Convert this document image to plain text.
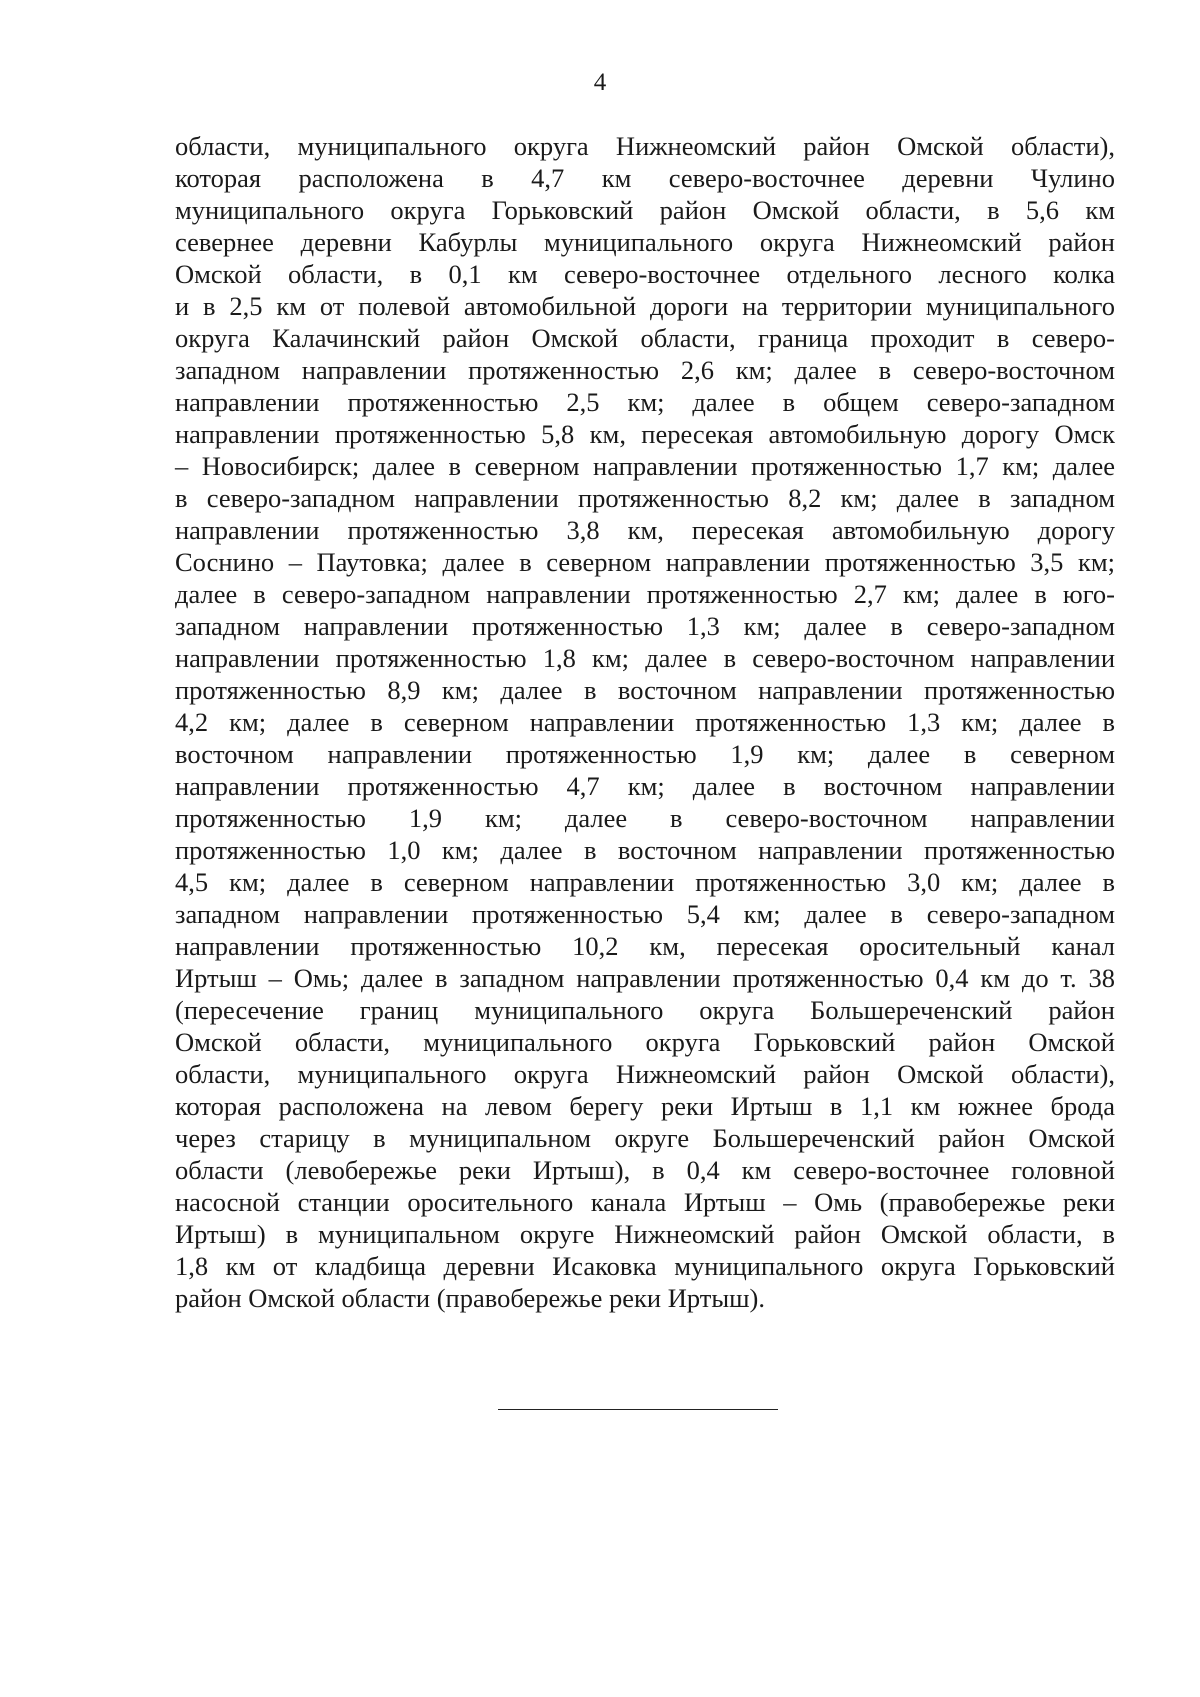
4
области, муниципального округа Нижнеомский район Омской области),
которая расположена в 4,7 км северо-восточнее деревни Чулино
муниципального округа Горьковский район Омской области, в 5,6 км
севернее деревни Кабурлы муниципального округа Нижнеомский район
Омской области, в 0,1 км северо-восточнее отдельного лесного колка
и в 2,5 км от полевой автомобильной дороги на территории муниципального
округа Калачинский район Омской области, граница проходит в северо-
западном направлении протяженностью 2,6 км; далее в северо-восточном
направлении протяженностью 2,5 км; далее в общем северо-западном
направлении протяженностью 5,8 км, пересекая автомобильную дорогу Омск
– Новосибирск; далее в северном направлении протяженностью 1,7 км; далее
в северо-западном направлении протяженностью 8,2 км; далее в западном
направлении протяженностью 3,8 км, пересекая автомобильную дорогу
Соснино – Паутовка; далее в северном направлении протяженностью 3,5 км;
далее в северо-западном направлении протяженностью 2,7 км; далее в юго-
западном направлении протяженностью 1,3 км; далее в северо-западном
направлении протяженностью 1,8 км; далее в северо-восточном направлении
протяженностью 8,9 км; далее в восточном направлении протяженностью
4,2 км; далее в северном направлении протяженностью 1,3 км; далее в
восточном направлении протяженностью 1,9 км; далее в северном
направлении протяженностью 4,7 км; далее в восточном направлении
протяженностью 1,9 км; далее в северо-восточном направлении
протяженностью 1,0 км; далее в восточном направлении протяженностью
4,5 км; далее в северном направлении протяженностью 3,0 км; далее в
западном направлении протяженностью 5,4 км; далее в северо-западном
направлении протяженностью 10,2 км, пересекая оросительный канал
Иртыш – Омь; далее в западном направлении протяженностью 0,4 км до т. 38
(пересечение границ муниципального округа Большереченский район
Омской области, муниципального округа Горьковский район Омской
области, муниципального округа Нижнеомский район Омской области),
которая расположена на левом берегу реки Иртыш в 1,1 км южнее брода
через старицу в муниципальном округе Большереченский район Омской
области (левобережье реки Иртыш), в 0,4 км северо-восточнее головной
насосной станции оросительного канала Иртыш – Омь (правобережье реки
Иртыш) в муниципальном округе Нижнеомский район Омской области, в
1,8 км от кладбища деревни Исаковка муниципального округа Горьковский
район Омской области (правобережье реки Иртыш).
